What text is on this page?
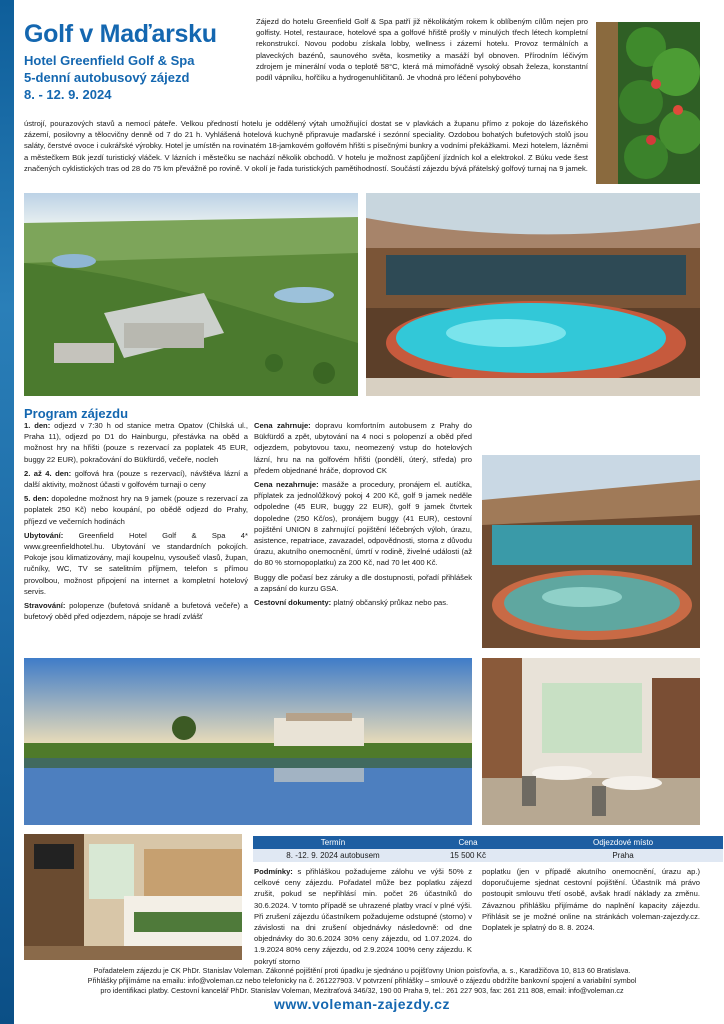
Golf v Maďarsku
Hotel Greenfield Golf & Spa
5-denní autobusový zájezd
8. - 12. 9. 2024
Zájezd do hotelu Greenfield Golf & Spa patří již několikátým rokem k oblíbeným cílům nejen pro golfisty. Hotel, restaurace, hotelové spa a golfové hřiště prošly v minulých třech létech kompletní rekonstrukcí. Novou podobu získala lobby, wellness i zázemí hotelu. Provoz termálních a plaveckých bazénů, saunového světa, kosmetiky a masáží byl obnoven. Přírodním léčivým zdrojem je minerální voda o teplotě 58°C, která má mimořádně vysoký obsah železa, konstantní podíl vápníku, hořčíku a hydrogenuhličitanů. Je vhodná pro léčení pohybového
ústrojí, pourazových stavů a nemocí páteře. Velkou předností hotelu je oddělený výtah umožňující dostat se v plavkách a županu přímo z pokoje do lázeňského zázemí, posilovny a tělocvičny denně od 7 do 21 h. Vyhlášená hotelová kuchyně připravuje maďarské i sezónní speciality. Ozdobou bohatých bufetových stolů jsou saláty, čerstvé ovoce i cukrářské výrobky. Hotel je umístěn na rovinatém 18-jamkovém golfovém hřišti s písečnými bunkry a vodními překážkami. Mezi hotelem, lázněmi a městečkem Bük jezdí turistický vláček. V lázních i městečku se nachází několik obchodů. V hotelu je možnost zapůjčení jízdních kol a elektrokol. Z Búku vede šest značených cyklistických tras od 28 do 75 km převážně po rovině. V okolí je řada turistických pamětihodností. Součástí zájezdu bývá přátelský golfový turnaj na 9 jamek.
Program zájezdu
1. den: odjezd v 7:30 h od stanice metra Opatov (Chilská ul., Praha 11), odjezd po D1 do Hainburgu, přestávka na oběd a možnost hry na hřišti (pouze s rezervací za poplatek 45 EUR, buggy 22 EUR), pokračování do Bükfürdő, večeře, nocleh
2. až 4. den: golfová hra (pouze s rezervací), návštěva lázní a další aktivity, možnost účasti v golfovém turnaji o ceny
5. den: dopoledne možnost hry na 9 jamek (pouze s rezervací za poplatek 250 Kč) nebo koupání, po obědě odjezd do Prahy, příjezd ve večerních hodinách
Ubytování: Greenfield Hotel Golf & Spa 4* www.greenfieldhotel.hu. Ubytování ve standardních pokojích. Pokoje jsou klimatizovány, mají koupelnu, vysoušeč vlasů, župan, ručníky, WC, TV se satelitním příjmem, telefon s přímou provolbou, možnost připojení na internet a kompletní hotelový servis.
Stravování: polopenze (bufetová snídaně a bufetová večeře) a bufetový oběd před odjezdem, nápoje se hradí zvlášť
Cena zahrnuje: dopravu komfortním autobusem z Prahy do Bükfürdő a zpět, ubytování na 4 noci s polopenzí a oběd před odjezdem, pobytovou taxu, neomezený vstup do hotelových lázní, hru na na golfovém hřišti (pondělí, úterý, středa) pro předem objednané hráče, doprovod CK
Cena nezahrnuje: masáže a procedury, pronájem el. autíčka, příplatek za jednolůžkový pokoj 4 200 Kč, golf 9 jamek neděle odpoledne (45 EUR, buggy 22 EUR), golf 9 jamek čtvrtek dopoledne (250 Kč/os), pronájem buggy (41 EUR), cestovní pojištění UNION 8 zahrnující pojištění léčebných výloh, úrazu, asistence, repatriace, zavazadel, odpovědnosti, storna z důvodu úrazu, akutního onemocnění, úmrtí v rodině, živelné události (až do 80 % stornopoplatku) za 200 Kč, nad 70 let 400 Kč.
Buggy dle počasí bez záruky a dle dostupnosti, pořadí přihlášek a zapsání do kurzu GSA.
Cestovní dokumenty: platný občanský průkaz nebo pas.
Termín	Cena	Odjezdové místo
8. -12. 9. 2024 autobusem	15 500 Kč	Praha
Podmínky: s přihláškou požadujeme zálohu ve výši 50% z celkové ceny zájezdu. Pořadatel může bez poplatku zájezd zrušit, pokud se nepřihlásí min. počet 26 účastníků do 30.6.2024. V tomto případě se uhrazené platby vrací v plné výši. Při zrušení zájezdu účastníkem požadujeme odstupné (storno) v závislosti na dni zrušení objednávky následovně: od dne objednávky do 30.6.2024 30% ceny zájezdu, od 1.07.2024. do 1.9.2024 80% ceny zájezdu, od 2.9.2024 100% ceny zájezdu. K pokrytí storno
poplatku (jen v případě akutního onemocnění, úrazu ap.) doporučujeme sjednat cestovní pojištění. Účastník má právo postoupit smlouvu třetí osobě, avšak hradí náklady za změnu. Závaznou přihlášku přijímáme do naplnění kapacity zájezdu. Přihlásit se je možné online na stránkách voleman-zajezdy.cz. Doplatek je splatný do 8. 8. 2024.
Pořadatelem zájezdu je CK PhDr. Stanislav Voleman. Zákonné pojištění proti úpadku je sjednáno u pojišťovny Union poisťovňa, a. s., Karadžičova 10, 813 60 Bratislava.
Přihlášky přijímáme na emailu: info@voleman.cz nebo telefonicky na č. 261227903. V potvrzení přihlášky – smlouvě o zájezdu obdržíte bankovní spojení a variabilní symbol
pro identifikaci platby. Cestovní kancelář PhDr. Stanislav Voleman, Mezitraťová 346/32, 190 00 Praha 9, tel.: 261 227 903, fax: 261 211 808, email: info@voleman.cz
www.voleman-zajezdy.cz
